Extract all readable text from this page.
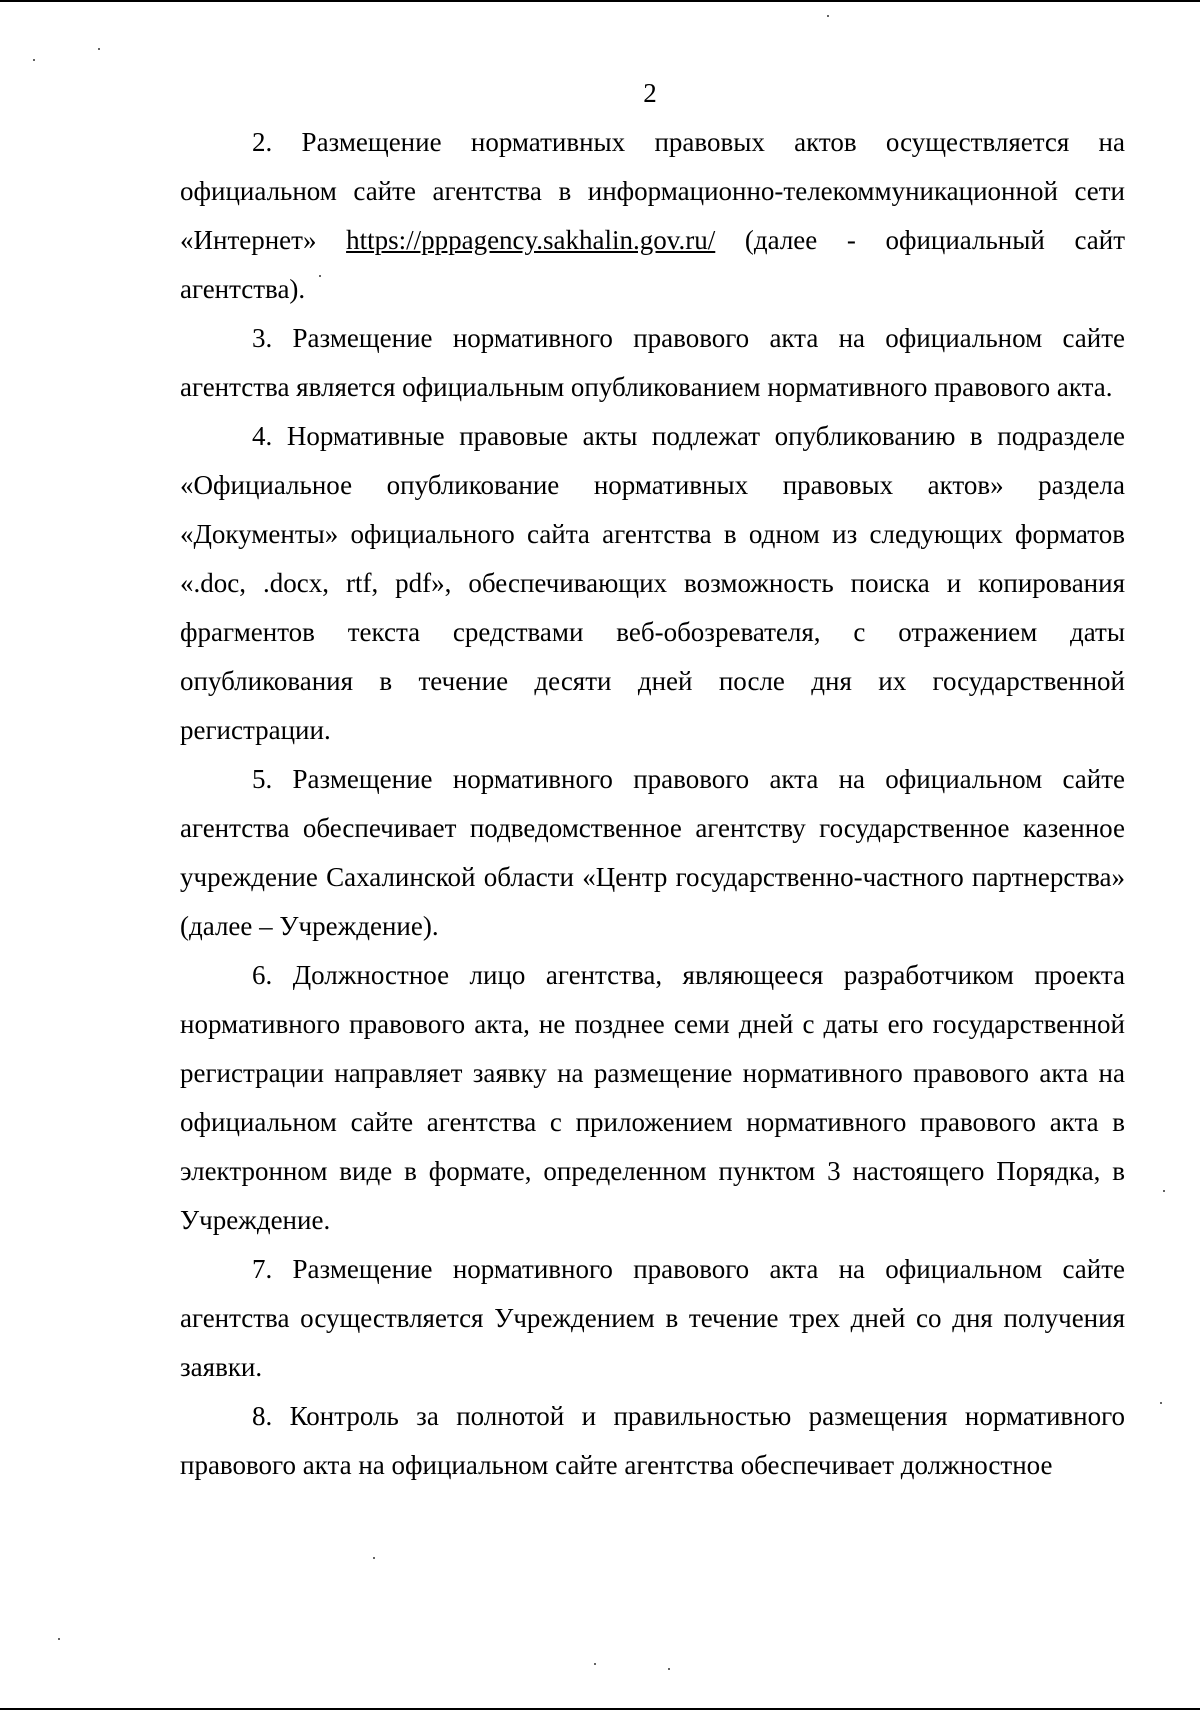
2

2. Размещение нормативных правовых актов осуществляется на официальном сайте агентства в информационно-телекоммуникационной сети «Интернет» https://pppagency.sakhalin.gov.ru/ (далее - официальный сайт агентства).

3. Размещение нормативного правового акта на официальном сайте агентства является официальным опубликованием нормативного правового акта.

4. Нормативные правовые акты подлежат опубликованию в подразделе «Официальное опубликование нормативных правовых актов» раздела «Документы» официального сайта агентства в одном из следующих форматов «.doc, .docx, rtf, pdf», обеспечивающих возможность поиска и копирования фрагментов текста средствами веб-обозревателя, с отражением даты опубликования в течение десяти дней после дня их государственной регистрации.

5. Размещение нормативного правового акта на официальном сайте агентства обеспечивает подведомственное агентству государственное казенное учреждение Сахалинской области «Центр государственно-частного партнерства» (далее – Учреждение).

6. Должностное лицо агентства, являющееся разработчиком проекта нормативного правового акта, не позднее семи дней с даты его государственной регистрации направляет заявку на размещение нормативного правового акта на официальном сайте агентства с приложением нормативного правового акта в электронном виде в формате, определенном пунктом 3 настоящего Порядка, в Учреждение.

7. Размещение нормативного правового акта на официальном сайте агентства осуществляется Учреждением в течение трех дней со дня получения заявки.

8. Контроль за полнотой и правильностью размещения нормативного правового акта на официальном сайте агентства обеспечивает должностное
